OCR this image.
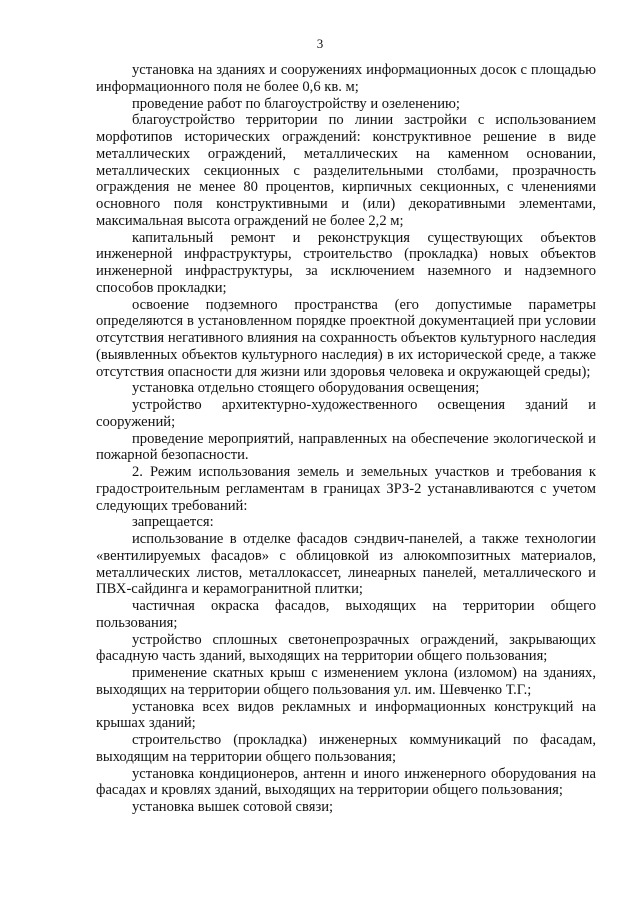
3

установка на зданиях и сооружениях информационных досок с площадью информационного поля не более 0,6 кв. м;

проведение работ по благоустройству и озеленению;

благоустройство территории по линии застройки с использованием морфотипов исторических ограждений: конструктивное решение в виде металлических ограждений, металлических на каменном основании, металлических секционных с разделительными столбами, прозрачность ограждения не менее 80 процентов, кирпичных секционных, с членениями основного поля конструктивными и (или) декоративными элементами, максимальная высота ограждений не более 2,2 м;

капитальный ремонт и реконструкция существующих объектов инженерной инфраструктуры, строительство (прокладка) новых объектов инженерной инфраструктуры, за исключением наземного и надземного способов прокладки;

освоение подземного пространства (его допустимые параметры определяются в установленном порядке проектной документацией при условии отсутствия негативного влияния на сохранность объектов культурного наследия (выявленных объектов культурного наследия) в их исторической среде, а также отсутствия опасности для жизни или здоровья человека и окружающей среды);

установка отдельно стоящего оборудования освещения;

устройство архитектурно-художественного освещения зданий и сооружений;

проведение мероприятий, направленных на обеспечение экологической и пожарной безопасности.

2. Режим использования земель и земельных участков и требования к градостроительным регламентам в границах ЗРЗ-2 устанавливаются с учетом следующих требований:

запрещается:

использование в отделке фасадов сэндвич-панелей, а также технологии «вентилируемых фасадов» с облицовкой из алюкомпозитных материалов, металлических листов, металлокассет, линеарных панелей, металлического и ПВХ-сайдинга и керамогранитной плитки;

частичная окраска фасадов, выходящих на территории общего пользования;

устройство сплошных светонепрозрачных ограждений, закрывающих фасадную часть зданий, выходящих на территории общего пользования;

применение скатных крыш с изменением уклона (изломом) на зданиях, выходящих на территории общего пользования ул. им. Шевченко Т.Г.;

установка всех видов рекламных и информационных конструкций на крышах зданий;

строительство (прокладка) инженерных коммуникаций по фасадам, выходящим на территории общего пользования;

установка кондиционеров, антенн и иного инженерного оборудования на фасадах и кровлях зданий, выходящих на территории общего пользования;

установка вышек сотовой связи;
